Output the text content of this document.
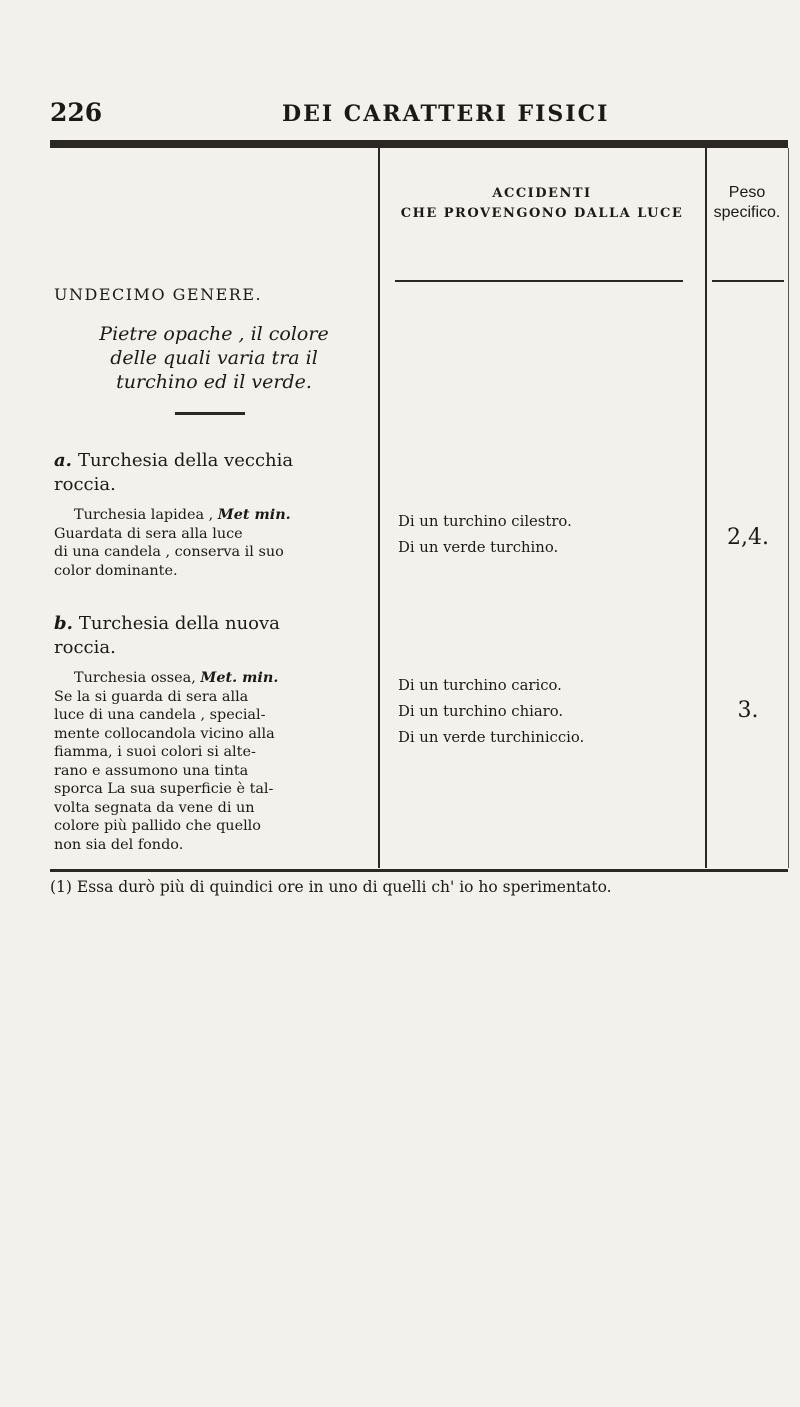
226	DEI CARATTERI FISICI
ACCIDENTI
CHE PROVENGONO DALLA LUCE
Peso
specifico.
UNDECIMO GENERE.
Pietre opache , il colore
delle quali varia tra il
turchino ed il verde.
a. Turchesia della vecchia
roccia.
Turchesia lapidea , Met min.
Guardata di sera alla luce
di una candela , conserva il suo
color dominante.
Di un turchino cilestro.
Di un verde turchino.	2,4.
b. Turchesia della nuova
roccia.
Turchesia ossea, Met. min.
Se la si guarda di sera alla
luce di una candela , special-
mente collocandola vicino alla
fiamma, i suoi colori si alte-
rano e assumono una tinta
sporca La sua superficie è tal-
volta segnata da vene di un
colore più pallido che quello
non sia del fondo.
Di un turchino carico.
Di un turchino chiaro.
Di un verde turchiniccio.
3.
(1) Essa durò più di quindici ore in uno di quelli ch' io ho sperimentato.
